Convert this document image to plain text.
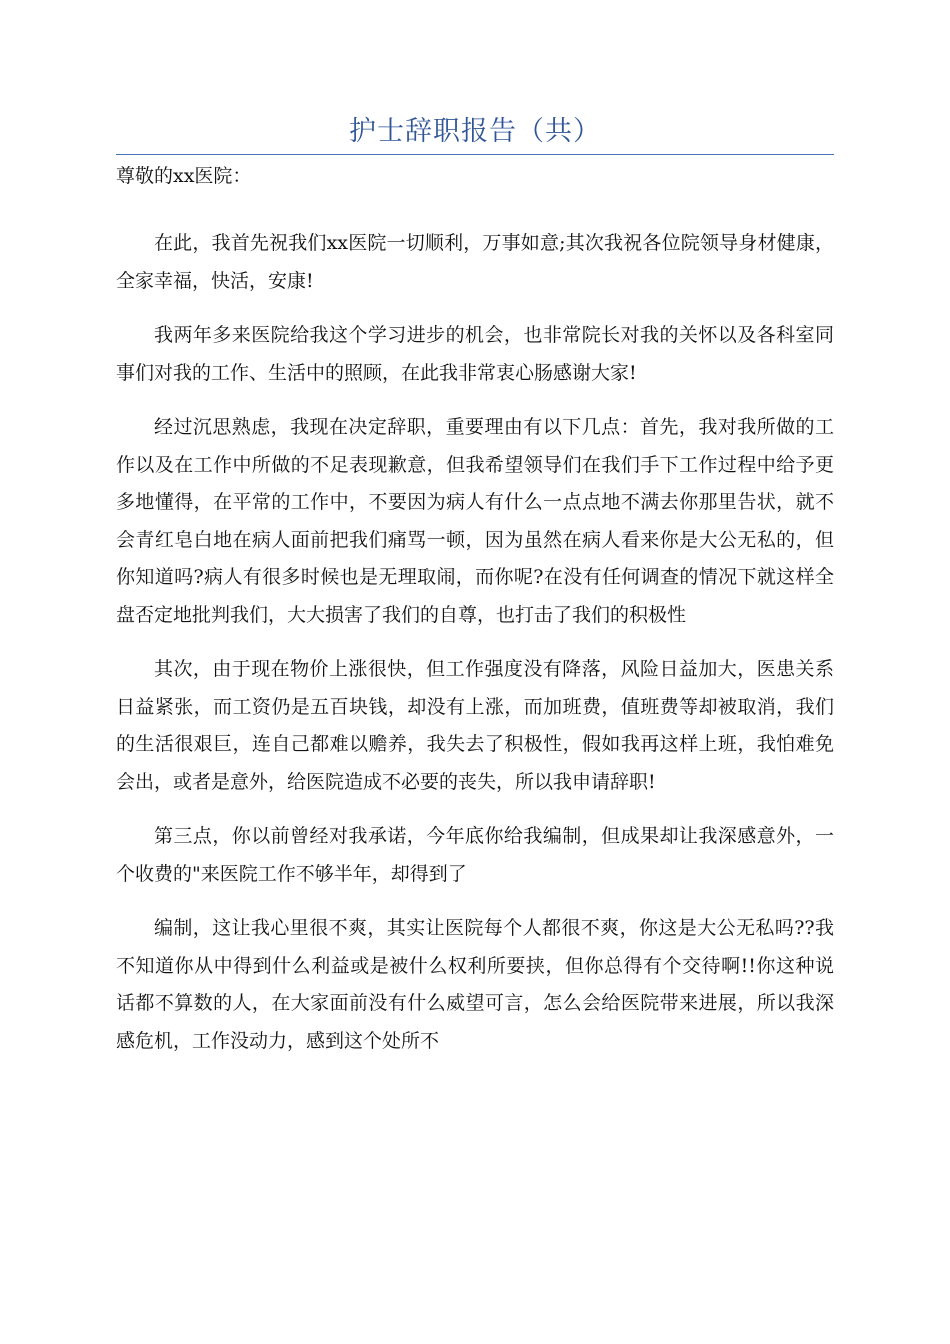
护士辞职报告（共）
尊敬的xx医院：

在此，我首先祝我们xx医院一切顺利，万事如意;其次我祝各位院领导身材健康，全家幸福，快活，安康!

我两年多来医院给我这个学习进步的机会，也非常院长对我的关怀以及各科室同事们对我的工作、生活中的照顾，在此我非常衷心肠感谢大家!

经过沉思熟虑，我现在决定辞职，重要理由有以下几点：首先，我对我所做的工作以及在工作中所做的不足表现歉意，但我希望领导们在我们手下工作过程中给予更多地懂得，在平常的工作中，不要因为病人有什么一点点地不满去你那里告状，就不会青红皂白地在病人面前把我们痛骂一顿，因为虽然在病人看来你是大公无私的，但你知道吗?病人有很多时候也是无理取闹，而你呢?在没有任何调查的情况下就这样全盘否定地批判我们，大大损害了我们的自尊，也打击了我们的积极性

其次，由于现在物价上涨很快，但工作强度没有降落，风险日益加大，医患关系日益紧张，而工资仍是五百块钱，却没有上涨，而加班费，值班费等却被取消，我们的生活很艰巨，连自己都难以赡养，我失去了积极性，假如我再这样上班，我怕难免会出，或者是意外，给医院造成不必要的丧失，所以我申请辞职!

第三点，你以前曾经对我承诺，今年底你给我编制，但成果却让我深感意外，一个收费的"来医院工作不够半年，却得到了

编制，这让我心里很不爽，其实让医院每个人都很不爽，你这是大公无私吗??我不知道你从中得到什么利益或是被什么权利所要挟，但你总得有个交待啊!!你这种说话都不算数的人，在大家面前没有什么威望可言，怎么会给医院带来进展，所以我深感危机，工作没动力，感到这个处所不
